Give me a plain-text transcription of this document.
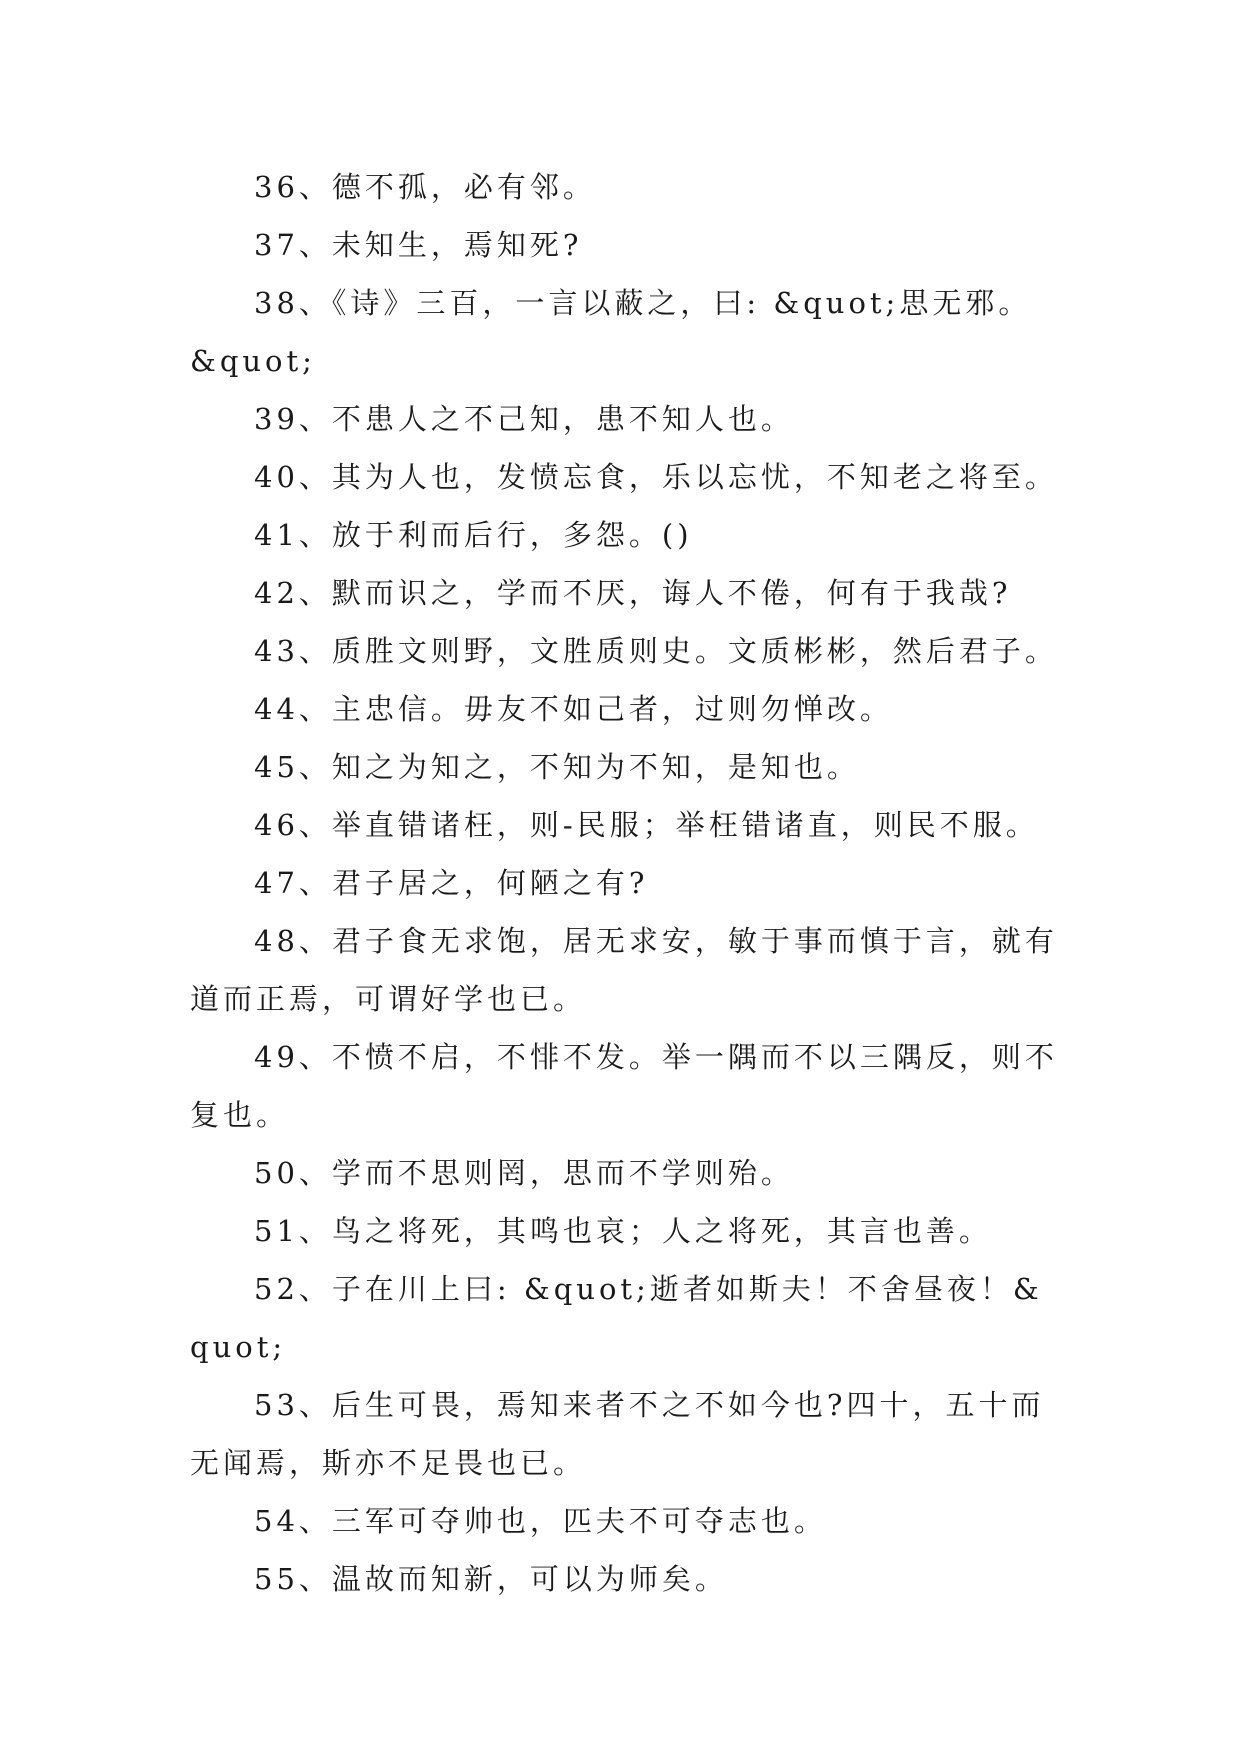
36、德不孤，必有邻。

37、未知生，焉知死?

38、《诗》三百，一言以蔽之，曰: &quot;思无邪。&quot;

39、不患人之不己知，患不知人也。

40、其为人也，发愤忘食，乐以忘忧，不知老之将至。

41、放于利而后行，多怨。()

42、默而识之，学而不厌，诲人不倦，何有于我哉?

43、质胜文则野，文胜质则史。文质彬彬，然后君子。

44、主忠信。毋友不如己者，过则勿惮改。

45、知之为知之，不知为不知，是知也。

46、举直错诸枉，则-民服；举枉错诸直，则民不服。

47、君子居之，何陋之有?

48、君子食无求饱，居无求安，敏于事而慎于言，就有道而正焉，可谓好学也已。

49、不愤不启，不悱不发。举一隅而不以三隅反，则不复也。

50、学而不思则罔，思而不学则殆。

51、鸟之将死，其鸣也哀；人之将死，其言也善。

52、子在川上曰: &quot;逝者如斯夫！不舍昼夜！&quot;

53、后生可畏，焉知来者不之不如今也?四十，五十而无闻焉，斯亦不足畏也已。

54、三军可夺帅也，匹夫不可夺志也。

55、温故而知新，可以为师矣。
